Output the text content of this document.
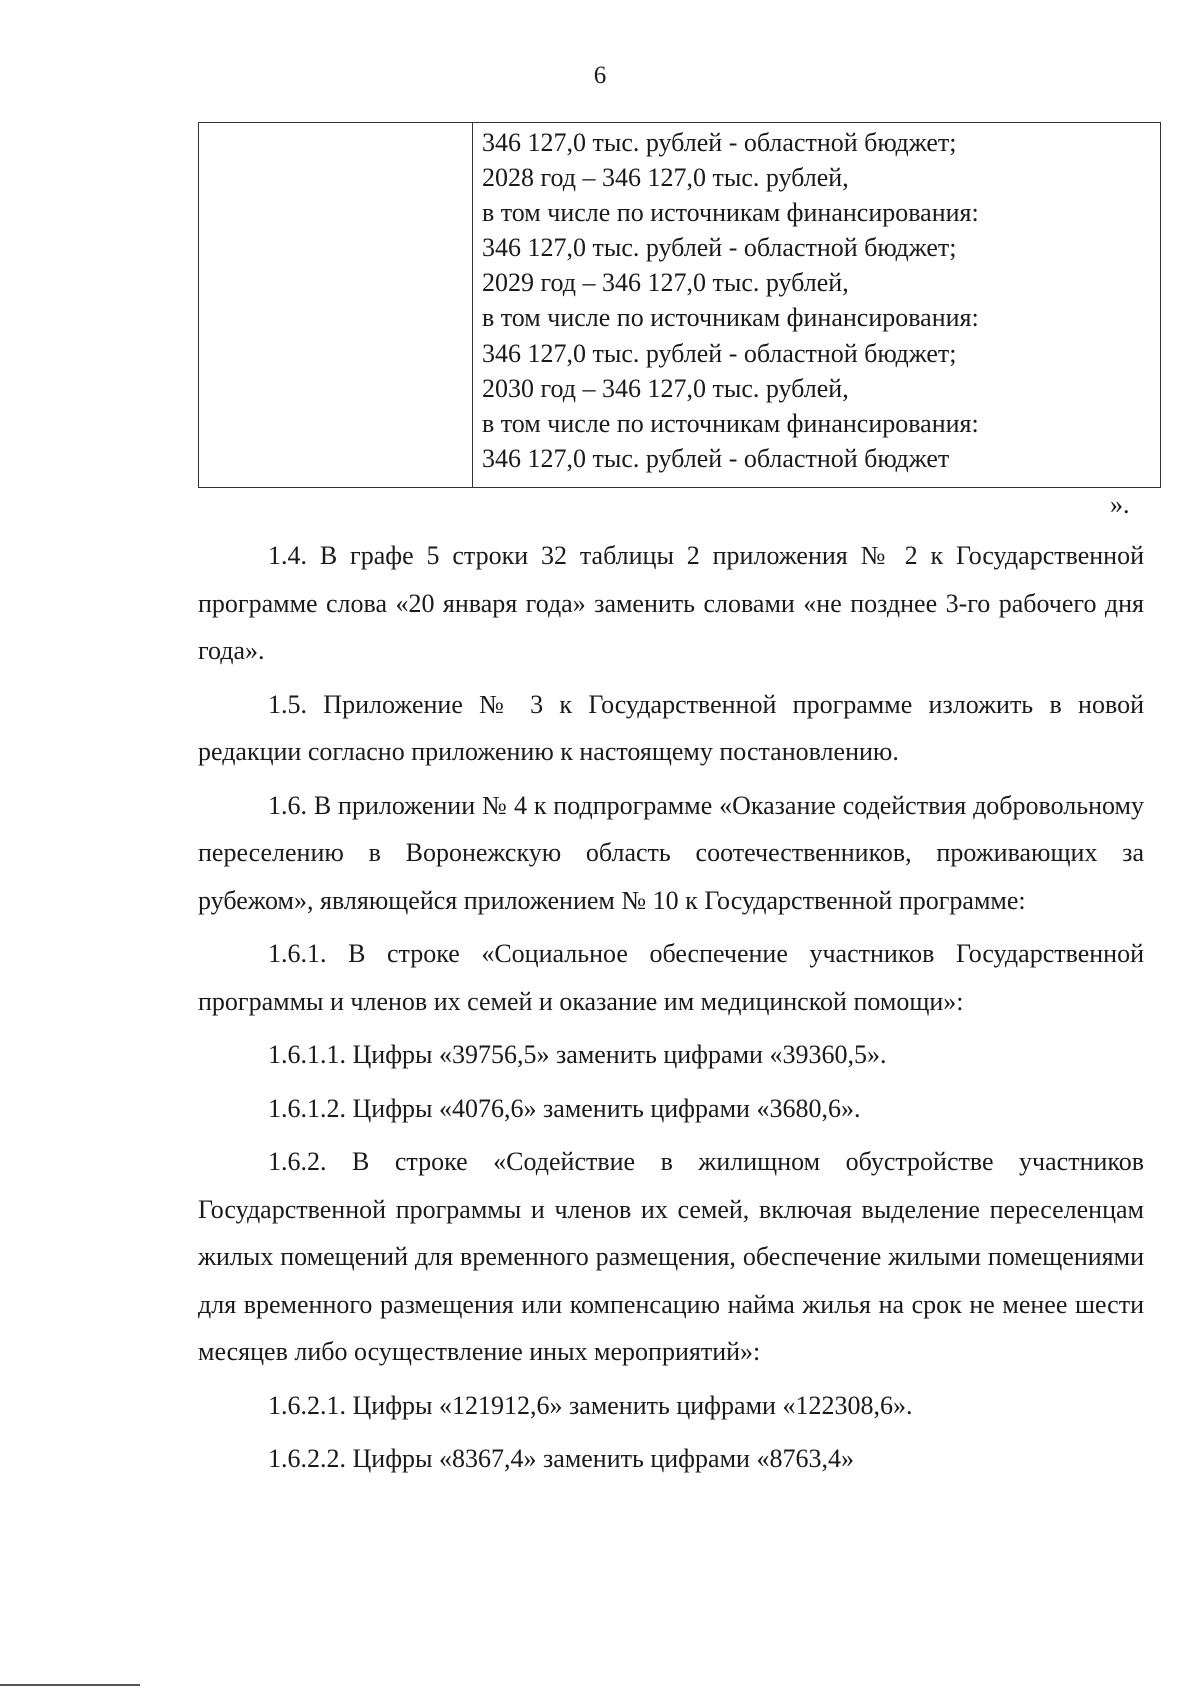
6
346 127,0 тыс. рублей - областной бюджет;
2028 год – 346 127,0 тыс. рублей,
в том числе по источникам финансирования:
346 127,0 тыс. рублей - областной бюджет;
2029 год – 346 127,0 тыс. рублей,
в том числе по источникам финансирования:
346 127,0 тыс. рублей - областной бюджет;
2030 год – 346 127,0 тыс. рублей,
в том числе по источникам финансирования:
346 127,0 тыс. рублей - областной бюджет
».

1.4. В графе 5 строки 32 таблицы 2 приложения № 2 к Государственной программе слова «20 января года» заменить словами «не позднее 3-го рабочего дня года».

1.5. Приложение № 3 к Государственной программе изложить в новой редакции согласно приложению к настоящему постановлению.

1.6. В приложении № 4 к подпрограмме «Оказание содействия добровольному переселению в Воронежскую область соотечественников, проживающих за рубежом», являющейся приложением № 10 к Государственной программе:

1.6.1. В строке «Социальное обеспечение участников Государственной программы и членов их семей и оказание им медицинской помощи»:

1.6.1.1. Цифры «39756,5» заменить цифрами «39360,5».

1.6.1.2. Цифры «4076,6» заменить цифрами «3680,6».

1.6.2. В строке «Содействие в жилищном обустройстве участников Государственной программы и членов их семей, включая выделение переселенцам жилых помещений для временного размещения, обеспечение жилыми помещениями для временного размещения или компенсацию найма жилья на срок не менее шести месяцев либо осуществление иных мероприятий»:

1.6.2.1. Цифры «121912,6» заменить цифрами «122308,6».

1.6.2.2. Цифры «8367,4» заменить цифрами «8763,4»
